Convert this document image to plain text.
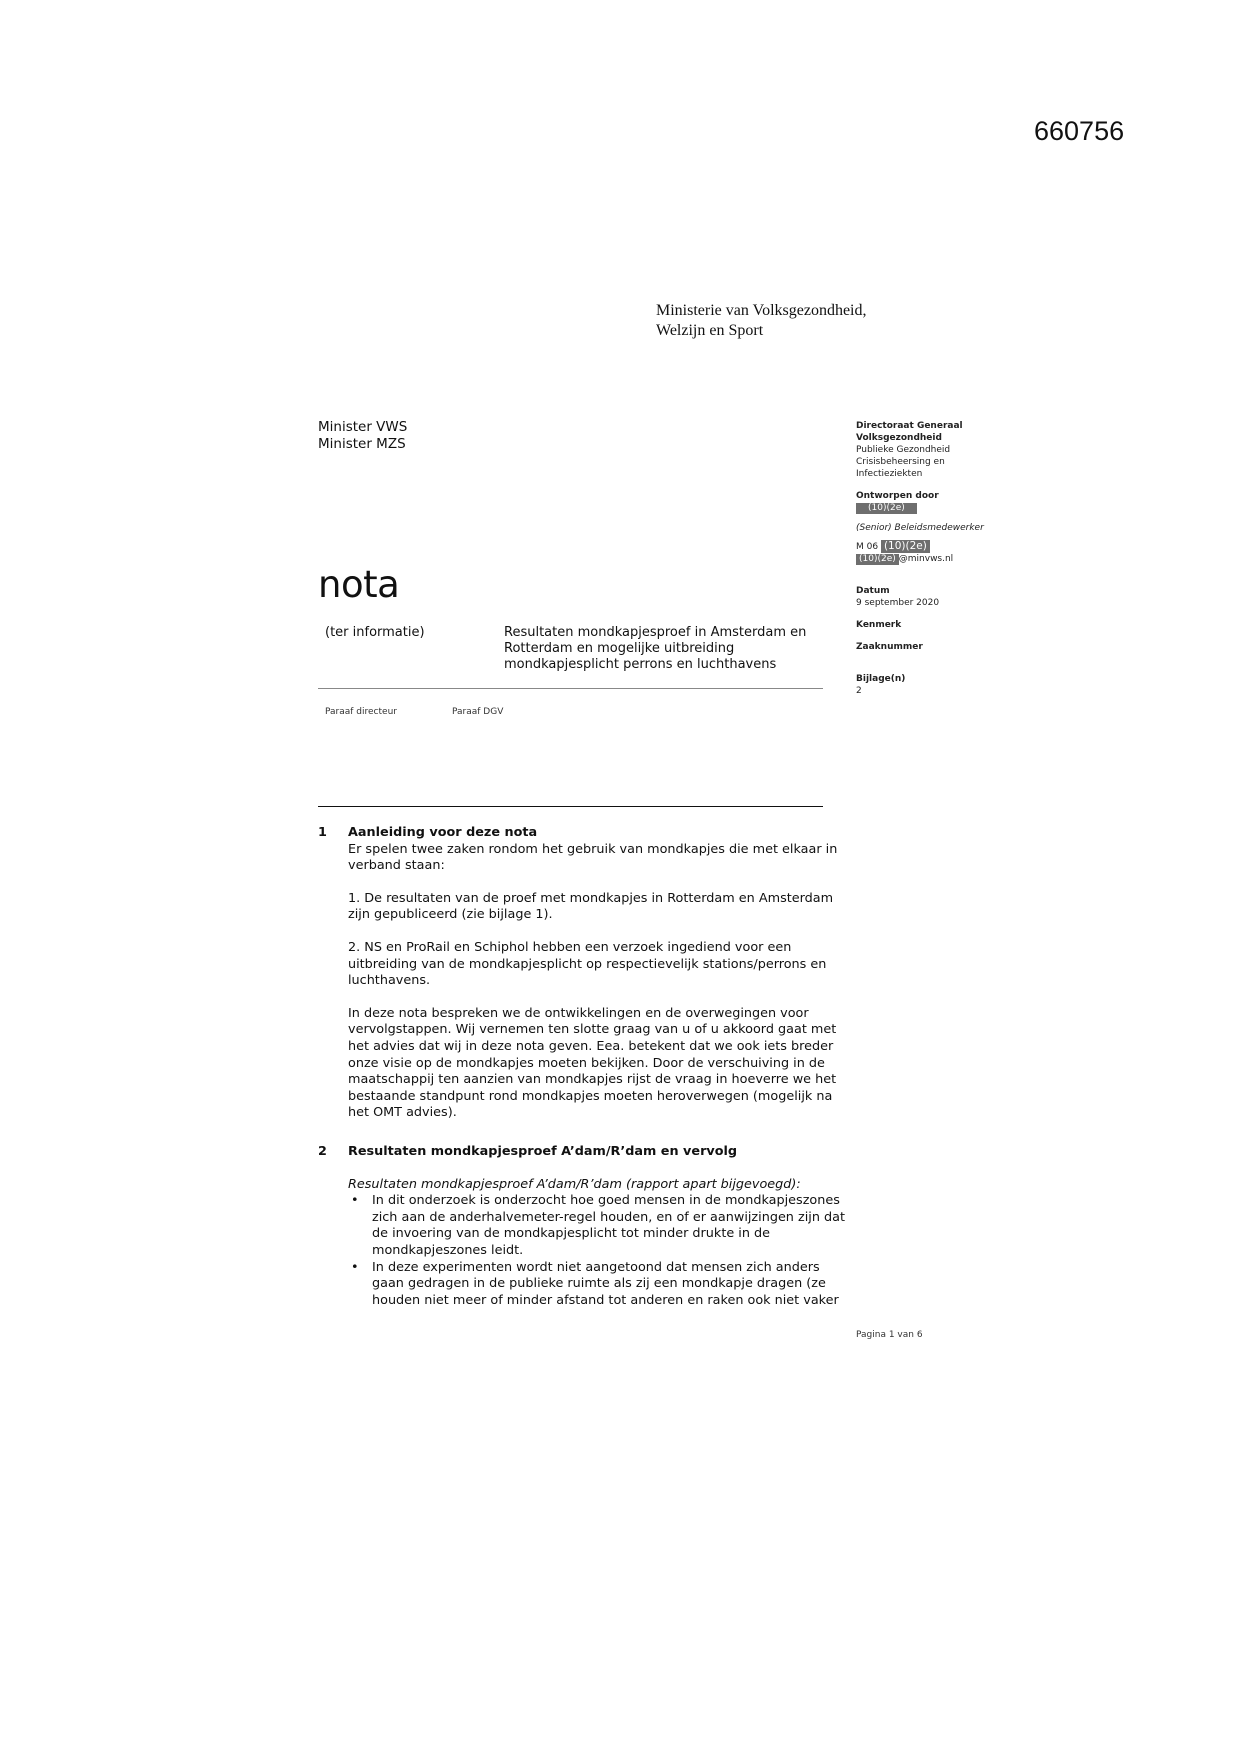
660756
Ministerie van Volksgezondheid,
Welzijn en Sport
Minister VWS
Minister MZS
nota
(ter informatie)	Resultaten mondkapjesproef in Amsterdam en Rotterdam en mogelijke uitbreiding mondkapjesplicht perrons en luchthavens
Paraaf directeur	Paraaf DGV
Directoraat Generaal
Volksgezondheid
Publieke Gezondheid
Crisisbeheersing en
Infectieziekten
Ontworpen door
(10)(2e)
(Senior) Beleidsmedewerker
M 06 (10)(2e)
(10)(2e) @minvws.nl
Datum
9 september 2020
Kenmerk
Zaaknummer
Bijlage(n)
2
1 Aanleiding voor deze nota

Er spelen twee zaken rondom het gebruik van mondkapjes die met elkaar in verband staan:

1. De resultaten van de proef met mondkapjes in Rotterdam en Amsterdam zijn gepubliceerd (zie bijlage 1).

2. NS en ProRail en Schiphol hebben een verzoek ingediend voor een uitbreiding van de mondkapjesplicht op respectievelijk stations/perrons en luchthavens.

In deze nota bespreken we de ontwikkelingen en de overwegingen voor vervolgstappen. Wij vernemen ten slotte graag van u of u akkoord gaat met het advies dat wij in deze nota geven. Eea. betekent dat we ook iets breder onze visie op de mondkapjes moeten bekijken. Door de verschuiving in de maatschappij ten aanzien van mondkapjes rijst de vraag in hoeverre we het bestaande standpunt rond mondkapjes moeten heroverwegen (mogelijk na het OMT advies).

2 Resultaten mondkapjesproef A’dam/R’dam en vervolg

Resultaten mondkapjesproef A’dam/R’dam (rapport apart bijgevoegd):

• In dit onderzoek is onderzocht hoe goed mensen in de mondkapjeszones zich aan de anderhalvemeter-regel houden, en of er aanwijzingen zijn dat de invoering van de mondkapjesplicht tot minder drukte in de mondkapjeszones leidt.
• In deze experimenten wordt niet aangetoond dat mensen zich anders gaan gedragen in de publieke ruimte als zij een mondkapje dragen (ze houden niet meer of minder afstand tot anderen en raken ook niet vaker
Pagina 1 van 6
